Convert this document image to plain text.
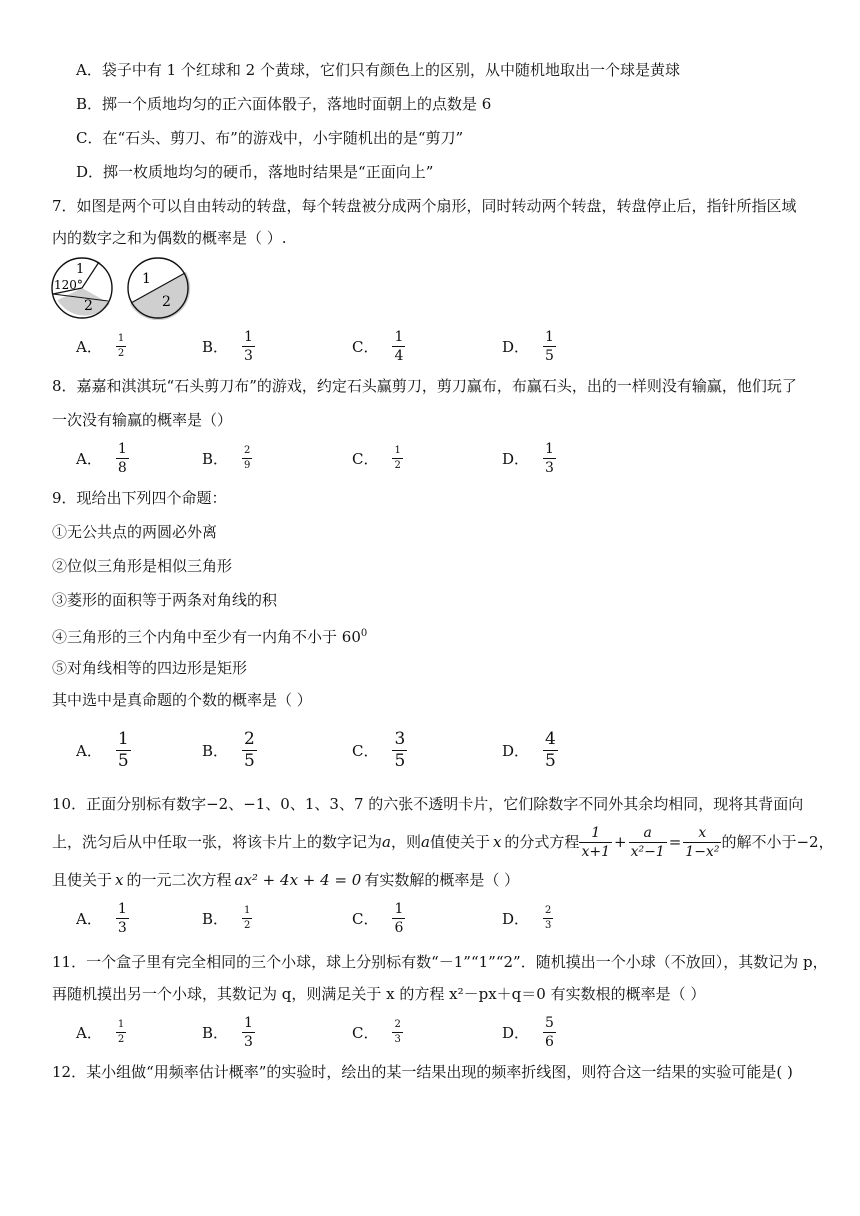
A．袋子中有 1 个红球和 2 个黄球，它们只有颜色上的区别，从中随机地取出一个球是黄球
B．掷一个质地均匀的正六面体骰子，落地时面朝上的点数是 6
C．在“石头、剪刀、布”的游戏中，小宇随机出的是“剪刀”
D．掷一枚质地均匀的硬币，落地时结果是“正面向上”
7．如图是两个可以自由转动的转盘，每个转盘被分成两个扇形，同时转动两个转盘，转盘停止后，指针所指区域
内的数字之和为偶数的概率是（ ）.
1
120°
2
1
2
A． $\frac{1}{2}$	B． $\frac{1}{3}$	C． $\frac{1}{4}$	D． $\frac{1}{5}$
8．嘉嘉和淇淇玩“石头剪刀布”的游戏，约定石头赢剪刀，剪刀赢布，布赢石头，出的一样则没有输赢，他们玩了
一次没有输赢的概率是（）
A． $\frac{1}{8}$	B． $\frac{2}{9}$	C． $\frac{1}{2}$	D． $\frac{1}{3}$
9．现给出下列四个命题：
①无公共点的两圆必外离
②位似三角形是相似三角形
③菱形的面积等于两条对角线的积
④三角形的三个内角中至少有一内角不小于 $60^0$
⑤对角线相等的四边形是矩形
其中选中是真命题的个数的概率是（ ）
A． $\frac{1}{5}$	B． $\frac{2}{5}$	C． $\frac{3}{5}$	D． $\frac{4}{5}$
10．正面分别标有数字−2、−1、0、1、3、7 的六张不透明卡片，它们除数字不同外其余均相同，现将其背面向
上，洗匀后从中任取一张，将该卡片上的数字记为 a ，则 a 值使关于 x 的分式方程 $\frac{1}{x+1} + \frac{a}{\text{x²−1}} = \frac{x}{\text{1−x²}}$ 的解不小于−2，
且使关于 x 的一元二次方程 ax² + 4x + 4 = 0 有实数解的概率是（ ）
A． $\frac{1}{3}$	B． $\frac{1}{2}$	C． $\frac{1}{6}$	D． $\frac{2}{3}$
11．一个盒子里有完全相同的三个小球，球上分别标有数“－1”“1”“2”．随机摸出一个小球（不放回），其数记为 p，
再随机摸出另一个小球，其数记为 q，则满足关于 x 的方程 x²－px＋q＝0 有实数根的概率是（ ）
A． $\frac{1}{2}$	B． $\frac{1}{3}$	C． $\frac{2}{3}$	D． $\frac{5}{6}$
12．某小组做“用频率估计概率”的实验时，绘出的某一结果出现的频率折线图，则符合这一结果的实验可能是( )
